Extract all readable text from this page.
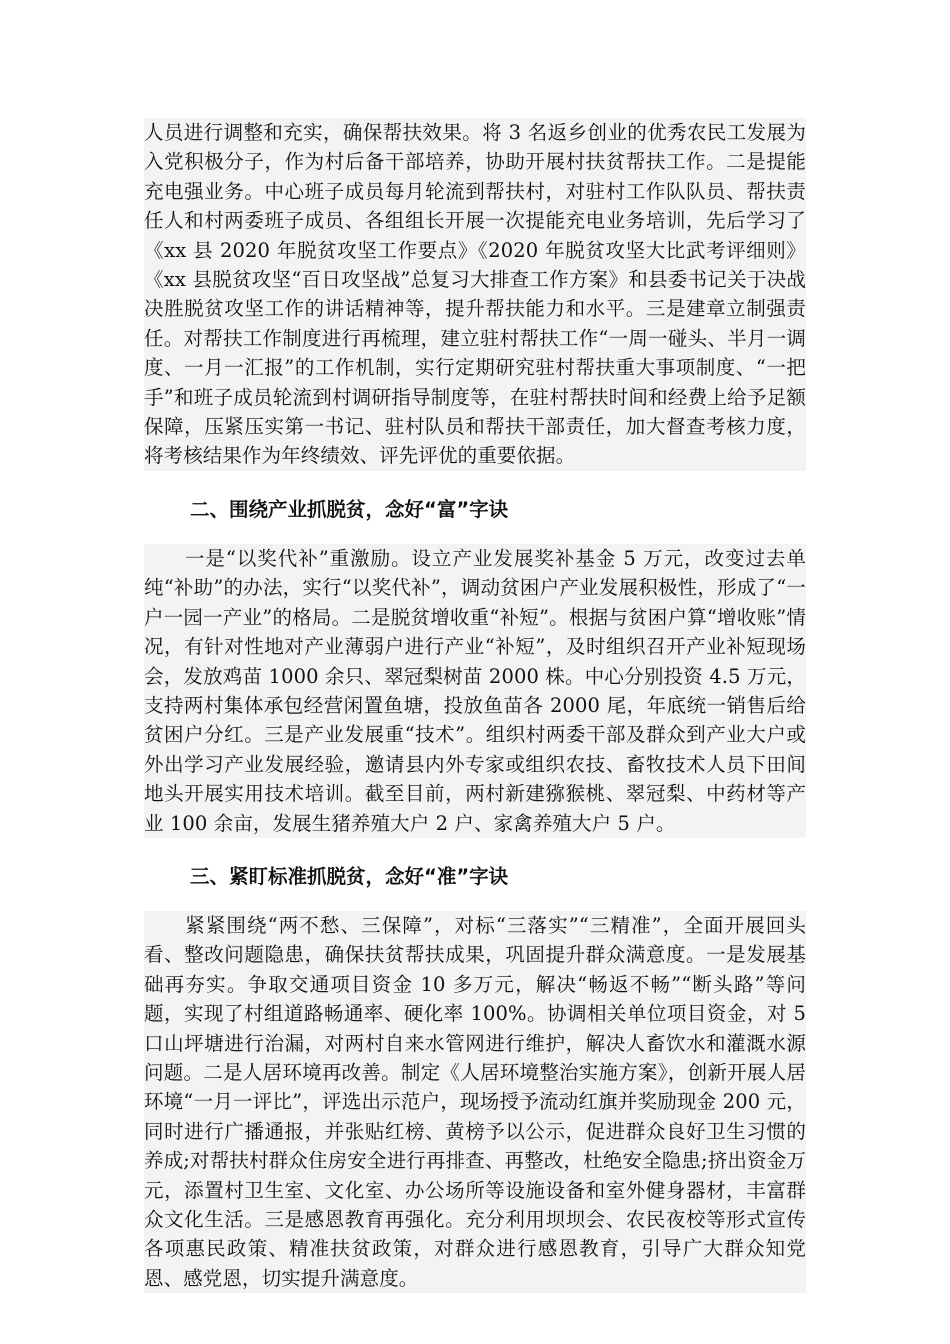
人员进行调整和充实，确保帮扶效果。将 3 名返乡创业的优秀农民工发展为入党积极分子，作为村后备干部培养，协助开展村扶贫帮扶工作。二是提能充电强业务。中心班子成员每月轮流到帮扶村，对驻村工作队队员、帮扶责任人和村两委班子成员、各组组长开展一次提能充电业务培训，先后学习了《xx 县 2020 年脱贫攻坚工作要点》《2020 年脱贫攻坚大比武考评细则》《xx 县脱贫攻坚“百日攻坚战”总复习大排查工作方案》和县委书记关于决战决胜脱贫攻坚工作的讲话精神等，提升帮扶能力和水平。三是建章立制强责任。对帮扶工作制度进行再梳理，建立驻村帮扶工作“一周一碰头、半月一调度、一月一汇报”的工作机制，实行定期研究驻村帮扶重大事项制度、“一把手”和班子成员轮流到村调研指导制度等，在驻村帮扶时间和经费上给予足额保障，压紧压实第一书记、驻村队员和帮扶干部责任，加大督查考核力度，将考核结果作为年终绩效、评先评优的重要依据。

二、围绕产业抓脱贫，念好“富”字诀

　　一是“以奖代补”重激励。设立产业发展奖补基金 5 万元，改变过去单纯“补助”的办法，实行“以奖代补”，调动贫困户产业发展积极性，形成了“一户一园一产业”的格局。二是脱贫增收重“补短”。根据与贫困户算“增收账”情况，有针对性地对产业薄弱户进行产业“补短”，及时组织召开产业补短现场会，发放鸡苗 1000 余只、翠冠梨树苗 2000 株。中心分别投资 4.5 万元，支持两村集体承包经营闲置鱼塘，投放鱼苗各 2000 尾，年底统一销售后给贫困户分红。三是产业发展重“技术”。组织村两委干部及群众到产业大户或外出学习产业发展经验，邀请县内外专家或组织农技、畜牧技术人员下田间地头开展实用技术培训。截至目前，两村新建猕猴桃、翠冠梨、中药材等产业 100 余亩，发展生猪养殖大户 2 户、家禽养殖大户 5 户。

三、紧盯标准抓脱贫，念好“准”字诀

　　紧紧围绕“两不愁、三保障”，对标“三落实”“三精准”，全面开展回头看、整改问题隐患，确保扶贫帮扶成果，巩固提升群众满意度。一是发展基础再夯实。争取交通项目资金 10 多万元，解决“畅返不畅”“断头路”等问题，实现了村组道路畅通率、硬化率 100%。协调相关单位项目资金，对 5 口山坪塘进行治漏，对两村自来水管网进行维护，解决人畜饮水和灌溉水源问题。二是人居环境再改善。制定《人居环境整治实施方案》，创新开展人居环境“一月一评比”，评选出示范户，现场授予流动红旗并奖励现金 200 元，同时进行广播通报，并张贴红榜、黄榜予以公示，促进群众良好卫生习惯的养成;对帮扶村群众住房安全进行再排查、再整改，杜绝安全隐患;挤出资金万元，添置村卫生室、文化室、办公场所等设施设备和室外健身器材，丰富群众文化生活。三是感恩教育再强化。充分利用坝坝会、农民夜校等形式宣传各项惠民政策、精准扶贫政策，对群众进行感恩教育，引导广大群众知党恩、感党恩，切实提升满意度。
